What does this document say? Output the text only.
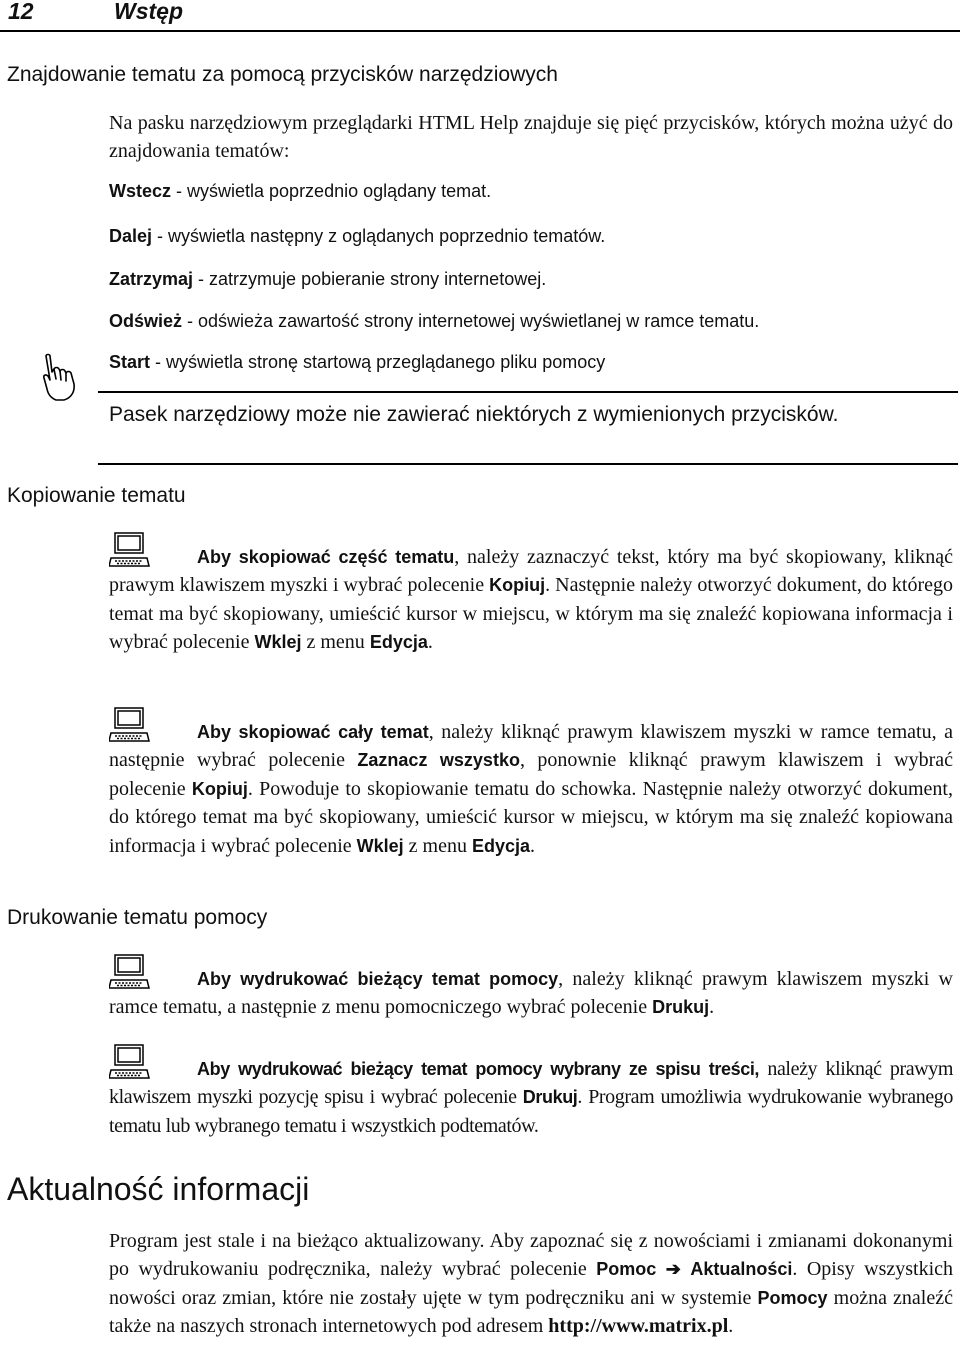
12	Wstęp
Znajdowanie tematu za pomocą przycisków narzędziowych
Na pasku narzędziowym przeglądarki HTML Help znajduje się pięć przycisków, których można użyć do znajdowania tematów:
Wstecz - wyświetla poprzednio oglądany temat.
Dalej - wyświetla następny z oglądanych poprzednio tematów.
Zatrzymaj - zatrzymuje pobieranie strony internetowej.
Odśwież - odświeża zawartość strony internetowej wyświetlanej w ramce tematu.
Start - wyświetla stronę startową przeglądanego pliku pomocy
Pasek narzędziowy może nie zawierać niektórych z wymienionych przycisków.
Kopiowanie tematu
Aby skopiować część tematu, należy zaznaczyć tekst, który ma być skopiowany, kliknąć prawym klawiszem myszki i wybrać polecenie Kopiuj. Następnie należy otworzyć dokument, do którego temat ma być skopiowany, umieścić kursor w miejscu, w którym ma się znaleźć kopiowana informacja i wybrać polecenie Wklej z menu Edycja.
Aby skopiować cały temat, należy kliknąć prawym klawiszem myszki w ramce tematu, a następnie wybrać polecenie Zaznacz wszystko, ponownie kliknąć prawym klawiszem i wybrać polecenie Kopiuj. Powoduje to skopiowanie tematu do schowka. Następnie należy otworzyć dokument, do którego temat ma być skopiowany, umieścić kursor w miejscu, w którym ma się znaleźć kopiowana informacja i wybrać polecenie Wklej z menu Edycja.
Drukowanie tematu pomocy
Aby wydrukować bieżący temat pomocy, należy kliknąć prawym klawiszem myszki w ramce tematu, a następnie z menu pomocniczego wybrać polecenie Drukuj.
Aby wydrukować bieżący temat pomocy wybrany ze spisu treści, należy kliknąć prawym klawiszem myszki pozycję spisu i wybrać polecenie Drukuj. Program umożliwia wydrukowanie wybranego tematu lub wybranego tematu i wszystkich podtematów.
Aktualność informacji
Program jest stale i na bieżąco aktualizowany. Aby zapoznać się z nowościami i zmianami dokonanymi po wydrukowaniu podręcznika, należy wybrać polecenie Pomoc ➔ Aktualności. Opisy wszystkich nowości oraz zmian, które nie zostały ujęte w tym podręczniku ani w systemie Pomocy można znaleźć także na naszych stronach internetowych pod adresem http://www.matrix.pl.
